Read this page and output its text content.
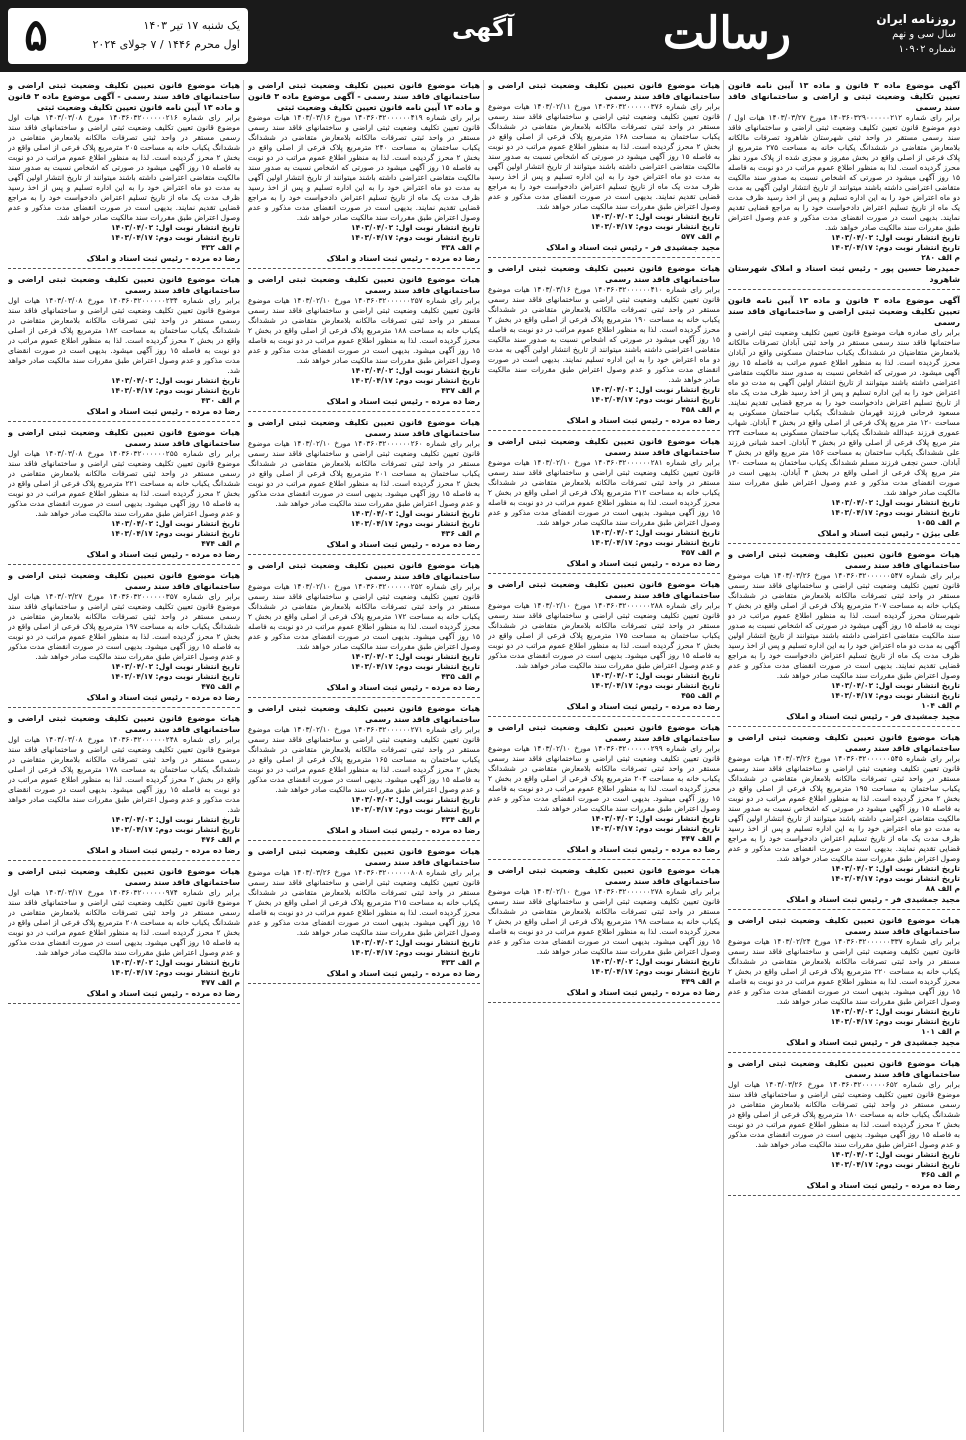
روزنامه ایران
سال سی و نهم
شماره ۱۰۹۰۲
رسالت
آگهی
یک شنبه ۱۷ تیر ۱۴۰۳
اول محرم ۱۴۴۶ / ۷ جولای ۲۰۲۴
۵
آگهی موضوع ماده ۳ قانون و ماده ۱۳ آیین نامه قانون تعیین تکلیف وضعیت ثبتی و اراضی و ساختمانهای فاقد سند رسمی
برابر رای شماره ۱۴۰۳۶۰۳۲۹۰۰۰۰۰۰۲۱۲ مورخ ۱۴۰۳/۰۳/۲۷ هیات اول / دوم موضوع قانون تعیین تکلیف وضعیت ثبتی اراضی و ساختمانهای فاقد سند رسمی مستقر در واحد ثبتی شهرستان شاهرود تصرفات مالکانه بلامعارض متقاضی در ششدانگ یکباب خانه به مساحت ۲۷۵ مترمربع از پلاک فرعی از اصلی واقع در بخش مفروز و مجزی شده از پلاک مورد نظر محرز گردیده است. لذا به منظور اطلاع عموم مراتب در دو نوبت به فاصله ۱۵ روز آگهی میشود در صورتی که اشخاص نسبت به صدور سند مالکیت متقاضی اعتراضی داشته باشند میتوانند از تاریخ انتشار اولین آگهی به مدت دو ماه اعتراض خود را به این اداره تسلیم و پس از اخذ رسید ظرف مدت یک ماه از تاریخ تسلیم اعتراض دادخواست خود را به مراجع قضایی تقدیم نمایند. بدیهی است در صورت انقضای مدت مذکور و عدم وصول اعتراض طبق مقررات سند مالکیت صادر خواهد شد.
تاریخ انتشار نوبت اول: ۱۴۰۳/۰۴/۰۲
تاریخ انتشار نوبت دوم: ۱۴۰۳/۰۴/۱۷
م الف ۲۸۰
حمیدرضا حسین پور - رئیس ثبت اسناد و املاک شهرستان شاهرود
آگهی موضوع ماده ۳ قانون و ماده ۱۳ آیین نامه قانون تعیین تکلیف وضعیت ثبتی اراضی و ساختمانهای فاقد سند رسمی
برابر رای صادره هیات موضوع قانون تعیین تکلیف وضعیت ثبتی اراضی و ساختمانها فاقد سند رسمی مستقر در واحد ثبتی آبادان تصرفات مالکانه بلامعارض متقاضیان در ششدانگ یکباب ساختمان مسکونی واقع در آبادان محرز گردیده است. لذا به منظور اطلاع عموم مراتب به فاصله ۱۵ روز آگهی میشود. در صورتی که اشخاص نسبت به صدور سند مالکیت متقاضی اعتراضی داشته باشند میتوانند از تاریخ انتشار اولین آگهی به مدت دو ماه اعتراض خود را به این اداره تسلیم و پس از اخذ رسید ظرف مدت یک ماه از تاریخ تسلیم اعتراض دادخواست خود را به مرجع قضایی تقدیم نمایند. مسعود فرحانی فرزند قهرمان ششدانگ یکباب ساختمان مسکونی به مساحت ۱۲۰ متر مربع پلاک فرعی از اصلی واقع در بخش ۳ آبادان. شهاب عموری فرزند عبدالله ششدانگ یکباب ساختمان مسکونی به مساحت ۲۲۴ متر مربع پلاک فرعی از اصلی واقع در بخش ۳ آبادان. احمد شبانی فرزند علی ششدانگ یکباب ساختمان به مساحت ۱۵۶ متر مربع واقع در بخش ۳ آبادان. حسن نجفی فرزند مسلم ششدانگ یکباب ساختمان به مساحت ۱۳۰ متر مربع پلاک فرعی از اصلی واقع در بخش ۳ آبادان. بدیهی است در صورت انقضای مدت مذکور و عدم وصول اعتراض طبق مقررات سند مالکیت صادر خواهد شد.
تاریخ انتشار نوبت اول: ۱۴۰۳/۰۴/۰۲
تاریخ انتشار نوبت دوم: ۱۴۰۳/۰۴/۱۷
م الف ۱۰۵۵
علی بیژن - رئیس ثبت اسناد و املاک
هیات موضوع قانون تعیین تکلیف وضعیت ثبتی اراضی و ساختمانهای فاقد سند رسمی
برابر رای شماره ۱۴۰۳۶۰۳۲۰۰۰۰۰۰۵۴۷ مورخ ۱۴۰۳/۰۳/۲۶ هیات موضوع قانون تعیین تکلیف وضعیت ثبتی اراضی و ساختمانهای فاقد سند رسمی مستقر در واحد ثبتی تصرفات مالکانه بلامعارض متقاضی در ششدانگ یکباب خانه به مساحت ۲۰۷ مترمربع پلاک فرعی از اصلی واقع در بخش ۲ شهرستان محرز گردیده است. لذا به منظور اطلاع عموم مراتب در دو نوبت به فاصله ۱۵ روز آگهی میشود در صورتی که اشخاص نسبت به صدور سند مالکیت متقاضی اعتراضی داشته باشند میتوانند از تاریخ انتشار اولین آگهی به مدت دو ماه اعتراض خود را به این اداره تسلیم و پس از اخذ رسید ظرف مدت یک ماه از تاریخ تسلیم اعتراض دادخواست خود را به مراجع قضایی تقدیم نمایند. بدیهی است در صورت انقضای مدت مذکور و عدم وصول اعتراض طبق مقررات سند مالکیت صادر خواهد شد.
تاریخ انتشار نوبت اول: ۱۴۰۳/۰۴/۰۲
تاریخ انتشار نوبت دوم: ۱۴۰۳/۰۴/۱۷
م الف ۱۰۴
مجید جمشیدی فر - رئیس ثبت اسناد و املاک
هیات موضوع قانون تعیین تکلیف وضعیت ثبتی اراضی و ساختمانهای فاقد سند رسمی
برابر رای شماره ۱۴۰۳۶۰۳۲۰۰۰۰۰۰۵۴۵ مورخ ۱۴۰۳/۰۳/۲۶ هیات موضوع قانون تعیین تکلیف وضعیت ثبتی اراضی و ساختمانهای فاقد سند رسمی مستقر در واحد ثبتی تصرفات مالکانه بلامعارض متقاضی در ششدانگ یکباب ساختمان به مساحت ۱۹۵ مترمربع پلاک فرعی از اصلی واقع در بخش ۲ محرز گردیده است. لذا به منظور اطلاع عموم مراتب در دو نوبت به فاصله ۱۵ روز آگهی میشود در صورتی که اشخاص نسبت به صدور سند مالکیت متقاضی اعتراضی داشته باشند میتوانند از تاریخ انتشار اولین آگهی به مدت دو ماه اعتراض خود را به این اداره تسلیم و پس از اخذ رسید ظرف مدت یک ماه از تاریخ تسلیم اعتراض دادخواست خود را به مراجع قضایی تقدیم نمایند. بدیهی است در صورت انقضای مدت مذکور و عدم وصول اعتراض طبق مقررات سند مالکیت صادر خواهد شد.
تاریخ انتشار نوبت اول: ۱۴۰۳/۰۴/۰۲
تاریخ انتشار نوبت دوم: ۱۴۰۳/۰۴/۱۷
م الف ۸۸
مجید جمشیدی فر - رئیس ثبت اسناد و املاک
هیات موضوع قانون تعیین تکلیف وضعیت ثبتی اراضی و ساختمانهای فاقد سند رسمی
برابر رای شماره ۱۴۰۳۶۰۳۲۰۰۰۰۰۰۳۳۷ مورخ ۱۴۰۳/۰۲/۲۴ هیات موضوع قانون تعیین تکلیف وضعیت ثبتی اراضی و ساختمانهای فاقد سند رسمی مستقر در واحد ثبتی تصرفات مالکانه بلامعارض متقاضی در ششدانگ یکباب خانه به مساحت ۲۲۰ مترمربع پلاک فرعی از اصلی واقع در بخش ۲ محرز گردیده است. لذا به منظور اطلاع عموم مراتب در دو نوبت به فاصله ۱۵ روز آگهی میشود. بدیهی است در صورت انقضای مدت مذکور و عدم وصول اعتراض طبق مقررات سند مالکیت صادر خواهد شد.
تاریخ انتشار نوبت اول: ۱۴۰۳/۰۴/۰۲
تاریخ انتشار نوبت دوم: ۱۴۰۳/۰۴/۱۷
م الف ۱۰۱
مجید جمشیدی فر - رئیس ثبت اسناد و املاک
هیات موضوع قانون تعیین تکلیف وضعیت ثبتی اراضی و ساختمانهای فاقد سند رسمی
برابر رای شماره ۱۴۰۳۶۰۳۲۰۰۰۰۰۰۶۵۲ مورخ ۱۴۰۳/۰۳/۲۶ هیات اول موضوع قانون تعیین تکلیف وضعیت ثبتی اراضی و ساختمانهای فاقد سند رسمی مستقر در واحد ثبتی تصرفات مالکانه بلامعارض متقاضی در ششدانگ یکباب خانه به مساحت ۱۸۰ مترمربع پلاک فرعی از اصلی واقع در بخش ۲ محرز گردیده است. لذا به منظور اطلاع عموم مراتب در دو نوبت به فاصله ۱۵ روز آگهی میشود. بدیهی است در صورت انقضای مدت مذکور و عدم وصول اعتراض طبق مقررات سند مالکیت صادر خواهد شد.
تاریخ انتشار نوبت اول: ۱۴۰۳/۰۴/۰۲
تاریخ انتشار نوبت دوم: ۱۴۰۳/۰۴/۱۷
م الف ۴۶۵
رضا ده مرده - رئیس ثبت اسناد و املاک
هیات موضوع قانون تعیین تکلیف وضعیت ثبتی اراضی و ساختمانهای فاقد سند رسمی
برابر رای شماره ۱۴۰۳۶۰۳۲۰۰۰۰۰۰۳۷۶ مورخ ۱۴۰۳/۰۲/۱۱ هیات موضوع قانون تعیین تکلیف وضعیت ثبتی اراضی و ساختمانهای فاقد سند رسمی مستقر در واحد ثبتی تصرفات مالکانه بلامعارض متقاضی در ششدانگ یکباب ساختمان به مساحت ۱۶۸ مترمربع پلاک فرعی از اصلی واقع در بخش ۲ محرز گردیده است. لذا به منظور اطلاع عموم مراتب در دو نوبت به فاصله ۱۵ روز آگهی میشود در صورتی که اشخاص نسبت به صدور سند مالکیت متقاضی اعتراضی داشته باشند میتوانند از تاریخ انتشار اولین آگهی به مدت دو ماه اعتراض خود را به این اداره تسلیم و پس از اخذ رسید ظرف مدت یک ماه از تاریخ تسلیم اعتراض دادخواست خود را به مراجع قضایی تقدیم نمایند. بدیهی است در صورت انقضای مدت مذکور و عدم وصول اعتراض طبق مقررات سند مالکیت صادر خواهد شد.
تاریخ انتشار نوبت اول: ۱۴۰۳/۰۴/۰۲
تاریخ انتشار نوبت دوم: ۱۴۰۳/۰۴/۱۷
م الف ۵۷۷
مجید جمشیدی فر - رئیس ثبت اسناد و املاک
هیات موضوع قانون تعیین تکلیف وضعیت ثبتی اراضی و ساختمانهای فاقد سند رسمی
برابر رای شماره ۱۴۰۳۶۰۳۲۰۰۰۰۰۰۴۱۰ مورخ ۱۴۰۳/۰۳/۱۶ هیات موضوع قانون تعیین تکلیف وضعیت ثبتی اراضی و ساختمانهای فاقد سند رسمی مستقر در واحد ثبتی تصرفات مالکانه بلامعارض متقاضی در ششدانگ یکباب خانه به مساحت ۱۹۰ مترمربع پلاک فرعی از اصلی واقع در بخش ۲ محرز گردیده است. لذا به منظور اطلاع عموم مراتب در دو نوبت به فاصله ۱۵ روز آگهی میشود در صورتی که اشخاص نسبت به صدور سند مالکیت متقاضی اعتراضی داشته باشند میتوانند از تاریخ انتشار اولین آگهی به مدت دو ماه اعتراض خود را به این اداره تسلیم نمایند. بدیهی است در صورت انقضای مدت مذکور و عدم وصول اعتراض طبق مقررات سند مالکیت صادر خواهد شد.
تاریخ انتشار نوبت اول: ۱۴۰۳/۰۴/۰۲
تاریخ انتشار نوبت دوم: ۱۴۰۳/۰۴/۱۷
م الف ۴۵۸
رضا ده مرده - رئیس ثبت اسناد و املاک
هیات موضوع قانون تعیین تکلیف وضعیت ثبتی اراضی و ساختمانهای فاقد سند رسمی
برابر رای شماره ۱۴۰۳۶۰۳۲۰۰۰۰۰۰۲۸۱ مورخ ۱۴۰۳/۰۲/۱۰ هیات موضوع قانون تعیین تکلیف وضعیت ثبتی اراضی و ساختمانهای فاقد سند رسمی مستقر در واحد ثبتی تصرفات مالکانه بلامعارض متقاضی در ششدانگ یکباب خانه به مساحت ۲۱۲ مترمربع پلاک فرعی از اصلی واقع در بخش ۲ محرز گردیده است. لذا به منظور اطلاع عموم مراتب در دو نوبت به فاصله ۱۵ روز آگهی میشود. بدیهی است در صورت انقضای مدت مذکور و عدم وصول اعتراض طبق مقررات سند مالکیت صادر خواهد شد.
تاریخ انتشار نوبت اول: ۱۴۰۳/۰۴/۰۲
تاریخ انتشار نوبت دوم: ۱۴۰۳/۰۴/۱۷
م الف ۴۵۷
رضا ده مرده - رئیس ثبت اسناد و املاک
هیات موضوع قانون تعیین تکلیف وضعیت ثبتی اراضی و ساختمانهای فاقد سند رسمی
برابر رای شماره ۱۴۰۳۶۰۳۲۰۰۰۰۰۰۲۸۸ مورخ ۱۴۰۳/۰۲/۱۰ هیات موضوع قانون تعیین تکلیف وضعیت ثبتی اراضی و ساختمانهای فاقد سند رسمی مستقر در واحد ثبتی تصرفات مالکانه بلامعارض متقاضی در ششدانگ یکباب ساختمان به مساحت ۱۷۵ مترمربع پلاک فرعی از اصلی واقع در بخش ۲ محرز گردیده است. لذا به منظور اطلاع عموم مراتب در دو نوبت به فاصله ۱۵ روز آگهی میشود. بدیهی است در صورت انقضای مدت مذکور و عدم وصول اعتراض طبق مقررات سند مالکیت صادر خواهد شد.
تاریخ انتشار نوبت اول: ۱۴۰۳/۰۴/۰۲
تاریخ انتشار نوبت دوم: ۱۴۰۳/۰۴/۱۷
م الف ۴۵۵
رضا ده مرده - رئیس ثبت اسناد و املاک
هیات موضوع قانون تعیین تکلیف وضعیت ثبتی اراضی و ساختمانهای فاقد سند رسمی
برابر رای شماره ۱۴۰۳۶۰۳۲۰۰۰۰۰۰۲۹۹ مورخ ۱۴۰۳/۰۲/۱۰ هیات موضوع قانون تعیین تکلیف وضعیت ثبتی اراضی و ساختمانهای فاقد سند رسمی مستقر در واحد ثبتی تصرفات مالکانه بلامعارض متقاضی در ششدانگ یکباب خانه به مساحت ۲۰۳ مترمربع پلاک فرعی از اصلی واقع در بخش ۲ محرز گردیده است. لذا به منظور اطلاع عموم مراتب در دو نوبت به فاصله ۱۵ روز آگهی میشود. بدیهی است در صورت انقضای مدت مذکور و عدم وصول اعتراض طبق مقررات سند مالکیت صادر خواهد شد.
تاریخ انتشار نوبت اول: ۱۴۰۳/۰۴/۰۲
تاریخ انتشار نوبت دوم: ۱۴۰۳/۰۴/۱۷
م الف ۴۴۷
رضا ده مرده - رئیس ثبت اسناد و املاک
هیات موضوع قانون تعیین تکلیف وضعیت ثبتی اراضی و ساختمانهای فاقد سند رسمی
برابر رای شماره ۱۴۰۳۶۰۳۲۰۰۰۰۰۰۲۷۸ مورخ ۱۴۰۳/۰۲/۱۰ هیات موضوع قانون تعیین تکلیف وضعیت ثبتی اراضی و ساختمانهای فاقد سند رسمی مستقر در واحد ثبتی تصرفات مالکانه بلامعارض متقاضی در ششدانگ یکباب خانه به مساحت ۱۹۸ مترمربع پلاک فرعی از اصلی واقع در بخش ۲ محرز گردیده است. لذا به منظور اطلاع عموم مراتب در دو نوبت به فاصله ۱۵ روز آگهی میشود. بدیهی است در صورت انقضای مدت مذکور و عدم وصول اعتراض طبق مقررات سند مالکیت صادر خواهد شد.
تاریخ انتشار نوبت اول: ۱۴۰۳/۰۴/۰۲
تاریخ انتشار نوبت دوم: ۱۴۰۳/۰۴/۱۷
م الف ۴۴۹
رضا ده مرده - رئیس ثبت اسناد و املاک
هیات موضوع قانون تعیین تکلیف وضعیت ثبتی اراضی و ساختمانهای فاقد سند رسمی - آگهی موضوع ماده ۳ قانون و ماده ۱۳ آیین نامه قانون تعیین تکلیف وضعیت ثبتی
برابر رای شماره ۱۴۰۳۶۰۳۲۰۰۰۰۰۰۴۱۹ مورخ ۱۴۰۳/۰۳/۱۶ هیات موضوع قانون تعیین تکلیف وضعیت ثبتی اراضی و ساختمانهای فاقد سند رسمی مستقر در واحد ثبتی تصرفات مالکانه بلامعارض متقاضی در ششدانگ یکباب ساختمان به مساحت ۲۴۰ مترمربع پلاک فرعی از اصلی واقع در بخش ۲ محرز گردیده است. لذا به منظور اطلاع عموم مراتب در دو نوبت به فاصله ۱۵ روز آگهی میشود در صورتی که اشخاص نسبت به صدور سند مالکیت متقاضی اعتراضی داشته باشند میتوانند از تاریخ انتشار اولین آگهی به مدت دو ماه اعتراض خود را به این اداره تسلیم و پس از اخذ رسید ظرف مدت یک ماه از تاریخ تسلیم اعتراض دادخواست خود را به مراجع قضایی تقدیم نمایند. بدیهی است در صورت انقضای مدت مذکور و عدم وصول اعتراض طبق مقررات سند مالکیت صادر خواهد شد.
تاریخ انتشار نوبت اول: ۱۴۰۳/۰۴/۰۲
تاریخ انتشار نوبت دوم: ۱۴۰۳/۰۴/۱۷
م الف ۴۳۸
رضا ده مرده - رئیس ثبت اسناد و املاک
هیات موضوع قانون تعیین تکلیف وضعیت ثبتی اراضی و ساختمانهای فاقد سند رسمی
برابر رای شماره ۱۴۰۳۶۰۳۲۰۰۰۰۰۰۲۵۷ مورخ ۱۴۰۳/۰۲/۱۰ هیات موضوع قانون تعیین تکلیف وضعیت ثبتی اراضی و ساختمانهای فاقد سند رسمی مستقر در واحد ثبتی تصرفات مالکانه بلامعارض متقاضی در ششدانگ یکباب خانه به مساحت ۱۸۸ مترمربع پلاک فرعی از اصلی واقع در بخش ۲ محرز گردیده است. لذا به منظور اطلاع عموم مراتب در دو نوبت به فاصله ۱۵ روز آگهی میشود. بدیهی است در صورت انقضای مدت مذکور و عدم وصول اعتراض طبق مقررات سند مالکیت صادر خواهد شد.
تاریخ انتشار نوبت اول: ۱۴۰۳/۰۴/۰۲
تاریخ انتشار نوبت دوم: ۱۴۰۳/۰۴/۱۷
م الف ۴۳۷
رضا ده مرده - رئیس ثبت اسناد و املاک
هیات موضوع قانون تعیین تکلیف وضعیت ثبتی اراضی و ساختمانهای فاقد سند رسمی
برابر رای شماره ۱۴۰۳۶۰۳۲۰۰۰۰۰۰۲۶۰ مورخ ۱۴۰۳/۰۲/۱۰ هیات موضوع قانون تعیین تکلیف وضعیت ثبتی اراضی و ساختمانهای فاقد سند رسمی مستقر در واحد ثبتی تصرفات مالکانه بلامعارض متقاضی در ششدانگ یکباب ساختمان به مساحت ۲۰۱ مترمربع پلاک فرعی از اصلی واقع در بخش ۲ محرز گردیده است. لذا به منظور اطلاع عموم مراتب در دو نوبت به فاصله ۱۵ روز آگهی میشود. بدیهی است در صورت انقضای مدت مذکور و عدم وصول اعتراض طبق مقررات سند مالکیت صادر خواهد شد.
تاریخ انتشار نوبت اول: ۱۴۰۳/۰۴/۰۲
تاریخ انتشار نوبت دوم: ۱۴۰۳/۰۴/۱۷
م الف ۴۳۶
رضا ده مرده - رئیس ثبت اسناد و املاک
هیات موضوع قانون تعیین تکلیف وضعیت ثبتی اراضی و ساختمانهای فاقد سند رسمی
برابر رای شماره ۱۴۰۳۶۰۳۲۰۰۰۰۰۰۲۵۲ مورخ ۱۴۰۳/۰۲/۱۰ هیات موضوع قانون تعیین تکلیف وضعیت ثبتی اراضی و ساختمانهای فاقد سند رسمی مستقر در واحد ثبتی تصرفات مالکانه بلامعارض متقاضی در ششدانگ یکباب خانه به مساحت ۱۷۲ مترمربع پلاک فرعی از اصلی واقع در بخش ۲ محرز گردیده است. لذا به منظور اطلاع عموم مراتب در دو نوبت به فاصله ۱۵ روز آگهی میشود. بدیهی است در صورت انقضای مدت مذکور و عدم وصول اعتراض طبق مقررات سند مالکیت صادر خواهد شد.
تاریخ انتشار نوبت اول: ۱۴۰۳/۰۴/۰۲
تاریخ انتشار نوبت دوم: ۱۴۰۳/۰۴/۱۷
م الف ۴۳۵
رضا ده مرده - رئیس ثبت اسناد و املاک
هیات موضوع قانون تعیین تکلیف وضعیت ثبتی اراضی و ساختمانهای فاقد سند رسمی
برابر رای شماره ۱۴۰۳۶۰۳۲۰۰۰۰۰۰۲۷۱ مورخ ۱۴۰۳/۰۲/۱۰ هیات موضوع قانون تعیین تکلیف وضعیت ثبتی اراضی و ساختمانهای فاقد سند رسمی مستقر در واحد ثبتی تصرفات مالکانه بلامعارض متقاضی در ششدانگ یکباب ساختمان به مساحت ۱۶۵ مترمربع پلاک فرعی از اصلی واقع در بخش ۲ محرز گردیده است. لذا به منظور اطلاع عموم مراتب در دو نوبت به فاصله ۱۵ روز آگهی میشود. بدیهی است در صورت انقضای مدت مذکور و عدم وصول اعتراض طبق مقررات سند مالکیت صادر خواهد شد.
تاریخ انتشار نوبت اول: ۱۴۰۳/۰۴/۰۲
تاریخ انتشار نوبت دوم: ۱۴۰۳/۰۴/۱۷
م الف ۴۳۴
رضا ده مرده - رئیس ثبت اسناد و املاک
هیات موضوع قانون تعیین تکلیف وضعیت ثبتی اراضی و ساختمانهای فاقد سند رسمی
برابر رای شماره ۱۴۰۳۶۰۳۲۰۰۰۰۰۰۸۰۸ مورخ ۱۴۰۳/۰۳/۲۶ هیات موضوع قانون تعیین تکلیف وضعیت ثبتی اراضی و ساختمانهای فاقد سند رسمی مستقر در واحد ثبتی تصرفات مالکانه بلامعارض متقاضی در ششدانگ یکباب خانه به مساحت ۲۱۵ مترمربع پلاک فرعی از اصلی واقع در بخش ۲ محرز گردیده است. لذا به منظور اطلاع عموم مراتب در دو نوبت به فاصله ۱۵ روز آگهی میشود. بدیهی است در صورت انقضای مدت مذکور و عدم وصول اعتراض طبق مقررات سند مالکیت صادر خواهد شد.
تاریخ انتشار نوبت اول: ۱۴۰۳/۰۴/۰۲
تاریخ انتشار نوبت دوم: ۱۴۰۳/۰۴/۱۷
م الف ۴۳۳
رضا ده مرده - رئیس ثبت اسناد و املاک
هیات موضوع قانون تعیین تکلیف وضعیت ثبتی اراضی و ساختمانهای فاقد سند رسمی - آگهی موضوع ماده ۳ قانون و ماده ۱۳ آیین نامه قانون تعیین تکلیف وضعیت ثبتی
برابر رای شماره ۱۴۰۳۶۰۳۲۰۰۰۰۰۰۲۱۶ مورخ ۱۴۰۳/۰۳/۰۸ هیات اول موضوع قانون تعیین تکلیف وضعیت ثبتی اراضی و ساختمانهای فاقد سند رسمی مستقر در واحد ثبتی تصرفات مالکانه بلامعارض متقاضی در ششدانگ یکباب خانه به مساحت ۲۰۵ مترمربع پلاک فرعی از اصلی واقع در بخش ۲ محرز گردیده است. لذا به منظور اطلاع عموم مراتب در دو نوبت به فاصله ۱۵ روز آگهی میشود در صورتی که اشخاص نسبت به صدور سند مالکیت متقاضی اعتراضی داشته باشند میتوانند از تاریخ انتشار اولین آگهی به مدت دو ماه اعتراض خود را به این اداره تسلیم و پس از اخذ رسید ظرف مدت یک ماه از تاریخ تسلیم اعتراض دادخواست خود را به مراجع قضایی تقدیم نمایند. بدیهی است در صورت انقضای مدت مذکور و عدم وصول اعتراض طبق مقررات سند مالکیت صادر خواهد شد.
تاریخ انتشار نوبت اول: ۱۴۰۳/۰۴/۰۲
تاریخ انتشار نوبت دوم: ۱۴۰۳/۰۴/۱۷
م الف ۴۳۲
رضا ده مرده - رئیس ثبت اسناد و املاک
هیات موضوع قانون تعیین تکلیف وضعیت ثبتی اراضی و ساختمانهای فاقد سند رسمی
برابر رای شماره ۱۴۰۳۶۰۳۲۰۰۰۰۰۰۲۳۴ مورخ ۱۴۰۳/۰۳/۰۸ هیات اول موضوع قانون تعیین تکلیف وضعیت ثبتی اراضی و ساختمانهای فاقد سند رسمی مستقر در واحد ثبتی تصرفات مالکانه بلامعارض متقاضی در ششدانگ یکباب ساختمان به مساحت ۱۸۲ مترمربع پلاک فرعی از اصلی واقع در بخش ۲ محرز گردیده است. لذا به منظور اطلاع عموم مراتب در دو نوبت به فاصله ۱۵ روز آگهی میشود. بدیهی است در صورت انقضای مدت مذکور و عدم وصول اعتراض طبق مقررات سند مالکیت صادر خواهد شد.
تاریخ انتشار نوبت اول: ۱۴۰۳/۰۴/۰۲
تاریخ انتشار نوبت دوم: ۱۴۰۳/۰۴/۱۷
م الف ۴۳۰
رضا ده مرده - رئیس ثبت اسناد و املاک
هیات موضوع قانون تعیین تکلیف وضعیت ثبتی اراضی و ساختمانهای فاقد سند رسمی
برابر رای شماره ۱۴۰۳۶۰۳۲۰۰۰۰۰۰۲۵۵ مورخ ۱۴۰۳/۰۳/۰۸ هیات اول موضوع قانون تعیین تکلیف وضعیت ثبتی اراضی و ساختمانهای فاقد سند رسمی مستقر در واحد ثبتی تصرفات مالکانه بلامعارض متقاضی در ششدانگ یکباب خانه به مساحت ۲۲۱ مترمربع پلاک فرعی از اصلی واقع در بخش ۲ محرز گردیده است. لذا به منظور اطلاع عموم مراتب در دو نوبت به فاصله ۱۵ روز آگهی میشود. بدیهی است در صورت انقضای مدت مذکور و عدم وصول اعتراض طبق مقررات سند مالکیت صادر خواهد شد.
تاریخ انتشار نوبت اول: ۱۴۰۳/۰۴/۰۲
تاریخ انتشار نوبت دوم: ۱۴۰۳/۰۴/۱۷
م الف ۴۷۴
رضا ده مرده - رئیس ثبت اسناد و املاک
هیات موضوع قانون تعیین تکلیف وضعیت ثبتی اراضی و ساختمانهای فاقد سند رسمی
برابر رای شماره ۱۴۰۳۶۰۳۲۰۰۰۰۰۰۳۵۷ مورخ ۱۴۰۳/۰۳/۲۷ هیات اول موضوع قانون تعیین تکلیف وضعیت ثبتی اراضی و ساختمانهای فاقد سند رسمی مستقر در واحد ثبتی تصرفات مالکانه بلامعارض متقاضی در ششدانگ یکباب خانه به مساحت ۱۹۷ مترمربع پلاک فرعی از اصلی واقع در بخش ۲ محرز گردیده است. لذا به منظور اطلاع عموم مراتب در دو نوبت به فاصله ۱۵ روز آگهی میشود. بدیهی است در صورت انقضای مدت مذکور و عدم وصول اعتراض طبق مقررات سند مالکیت صادر خواهد شد.
تاریخ انتشار نوبت اول: ۱۴۰۳/۰۴/۰۲
تاریخ انتشار نوبت دوم: ۱۴۰۳/۰۴/۱۷
م الف ۴۷۵
رضا ده مرده - رئیس ثبت اسناد و املاک
هیات موضوع قانون تعیین تکلیف وضعیت ثبتی اراضی و ساختمانهای فاقد سند رسمی
برابر رای شماره ۱۴۰۳۶۰۳۲۰۰۰۰۰۰۲۴۸ مورخ ۱۴۰۳/۰۳/۰۸ هیات اول موضوع قانون تعیین تکلیف وضعیت ثبتی اراضی و ساختمانهای فاقد سند رسمی مستقر در واحد ثبتی تصرفات مالکانه بلامعارض متقاضی در ششدانگ یکباب ساختمان به مساحت ۱۷۸ مترمربع پلاک فرعی از اصلی واقع در بخش ۲ محرز گردیده است. لذا به منظور اطلاع عموم مراتب در دو نوبت به فاصله ۱۵ روز آگهی میشود. بدیهی است در صورت انقضای مدت مذکور و عدم وصول اعتراض طبق مقررات سند مالکیت صادر خواهد شد.
تاریخ انتشار نوبت اول: ۱۴۰۳/۰۴/۰۲
تاریخ انتشار نوبت دوم: ۱۴۰۳/۰۴/۱۷
م الف ۴۷۶
رضا ده مرده - رئیس ثبت اسناد و املاک
هیات موضوع قانون تعیین تکلیف وضعیت ثبتی اراضی و ساختمانهای فاقد سند رسمی
برابر رای شماره ۱۴۰۳۶۰۳۲۰۰۰۰۰۰۹۷۴ مورخ ۱۴۰۳/۰۳/۱۷ هیات اول موضوع قانون تعیین تکلیف وضعیت ثبتی اراضی و ساختمانهای فاقد سند رسمی مستقر در واحد ثبتی تصرفات مالکانه بلامعارض متقاضی در ششدانگ یکباب خانه به مساحت ۲۰۸ مترمربع پلاک فرعی از اصلی واقع در بخش ۲ محرز گردیده است. لذا به منظور اطلاع عموم مراتب در دو نوبت به فاصله ۱۵ روز آگهی میشود. بدیهی است در صورت انقضای مدت مذکور و عدم وصول اعتراض طبق مقررات سند مالکیت صادر خواهد شد.
تاریخ انتشار نوبت اول: ۱۴۰۳/۰۴/۰۲
تاریخ انتشار نوبت دوم: ۱۴۰۳/۰۴/۱۷
م الف ۴۷۷
رضا ده مرده - رئیس ثبت اسناد و املاک
